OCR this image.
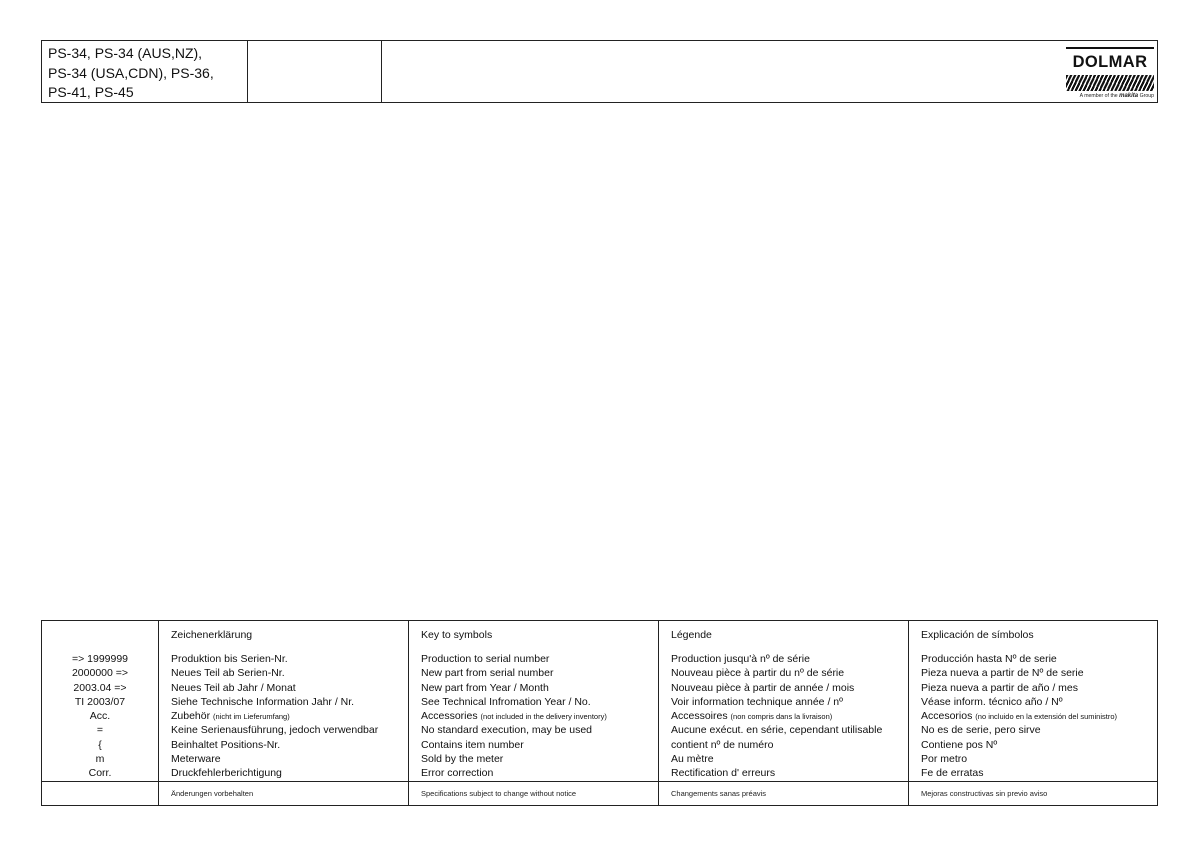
PS-34, PS-34 (AUS,NZ),
PS-34 (USA,CDN), PS-36,
PS-41, PS-45
DOLMAR
A member of the makita Group
=> 1999999
2000000 =>
2003.04 =>
TI 2003/07
Acc.
=
{
m
Corr.
Zeichenerklärung
Produktion bis Serien-Nr.
Neues Teil ab Serien-Nr.
Neues Teil ab Jahr / Monat
Siehe Technische Information Jahr / Nr.
Zubehör (nicht im Lieferumfang)
Keine Serienausführung, jedoch verwendbar
Beinhaltet Positions-Nr.
Meterware
Druckfehlerberichtigung
Änderungen vorbehalten
Key to symbols
Production to serial number
New part from serial number
New part from Year / Month
See Technical Infromation Year / No.
Accessories (not included in the delivery inventory)
No standard execution, may be used
Contains item number
Sold by the meter
Error correction
Specifications subject to change without notice
Légende
Production jusqu'à nº de série
Nouveau pièce à partir du nº de série
Nouveau pièce à partir de année / mois
Voir information technique année / nº
Accessoires (non compris dans la livraison)
Aucune exécut. en série, cependant utilisable
contient nº de numéro
Au mètre
Rectification d' erreurs
Changements sanas préavis
Explicación de símbolos
Producción hasta Nº de serie
Pieza nueva a partir de Nº de serie
Pieza nueva a partir de año / mes
Véase inform. técnico año / Nº
Accesorios (no incluido en la extensión del suministro)
No es de serie, pero sirve
Contiene pos Nº
Por metro
Fe de erratas
Mejoras constructivas sin previo aviso
